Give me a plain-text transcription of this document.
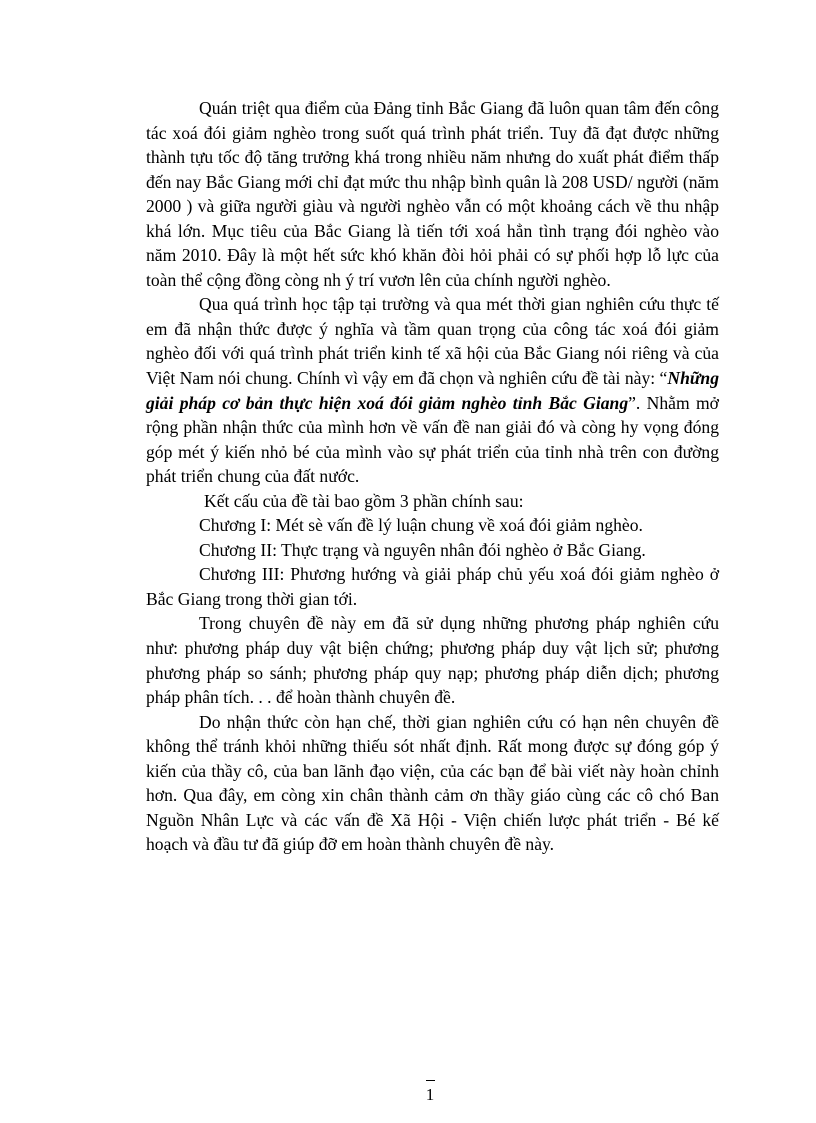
Quán triệt qua điểm của Đảng tỉnh Bắc Giang đã luôn quan tâm đến công tác xoá đói giảm nghèo trong suốt quá trình phát triển. Tuy đã đạt được những thành tựu tốc độ tăng trưởng khá trong nhiều năm nhưng do xuất phát điểm thấp đến nay Bắc Giang mới chỉ đạt mức thu nhập bình quân là 208 USD/ người (năm 2000 ) và giữa người giàu và người nghèo vẫn có một khoảng cách về thu nhập khá lớn. Mục tiêu của Bắc Giang là tiến tới xoá hẳn tình trạng đói nghèo vào năm 2010. Đây là một hết sức khó khăn đòi hỏi phải có sự phối hợp lỗ lực của toàn thể cộng đồng còng nh ý trí vươn lên của chính người nghèo.

Qua quá trình học tập tại trường và qua mét thời gian nghiên cứu thực tế em đã nhận thức được ý nghĩa và tầm quan trọng của công tác xoá đói giảm nghèo đối với quá trình phát triển kinh tế xã hội của Bắc Giang nói riêng và của Việt Nam nói chung. Chính vì vậy em đã chọn và nghiên cứu đề tài này: “Những giải pháp cơ bản thực hiện xoá đói giảm nghèo tỉnh Bắc Giang”. Nhằm mở rộng phần nhận thức của mình hơn về vấn đề nan giải đó và còng hy vọng đóng góp mét ý kiến nhỏ bé của mình vào sự phát triển của tỉnh nhà trên con đường phát triển chung của đất nước.

Kết cấu của đề tài bao gồm 3 phần chính sau:

Chương I: Mét sè vấn đề lý luận chung về xoá đói giảm nghèo.

Chương II: Thực trạng và nguyên nhân đói nghèo ở Bắc Giang.

Chương III: Phương hướng và giải pháp chủ yếu xoá đói giảm nghèo ở Bắc Giang trong thời gian tới.

Trong chuyên đề này em đã sử dụng những phương pháp nghiên cứu như: phương pháp duy vật biện chứng; phương pháp duy vật lịch sử; phương phương pháp so sánh; phương pháp quy nạp; phương pháp diễn dịch; phương pháp phân tích. . . để hoàn thành chuyên đề.

Do nhận thức còn hạn chế, thời gian nghiên cứu có hạn nên chuyên đề không thể tránh khỏi những thiếu sót nhất định. Rất mong được sự đóng góp ý kiến của thầy cô, của ban lãnh đạo viện, của các bạn để bài viết này hoàn chỉnh hơn. Qua đây, em còng xin chân thành cảm ơn thầy giáo cùng các cô chó Ban Nguồn Nhân Lực và các vấn đề Xã Hội - Viện chiến lược phát triển - Bé kế hoạch và đầu tư đã giúp đỡ em hoàn thành chuyên đề này.

1
